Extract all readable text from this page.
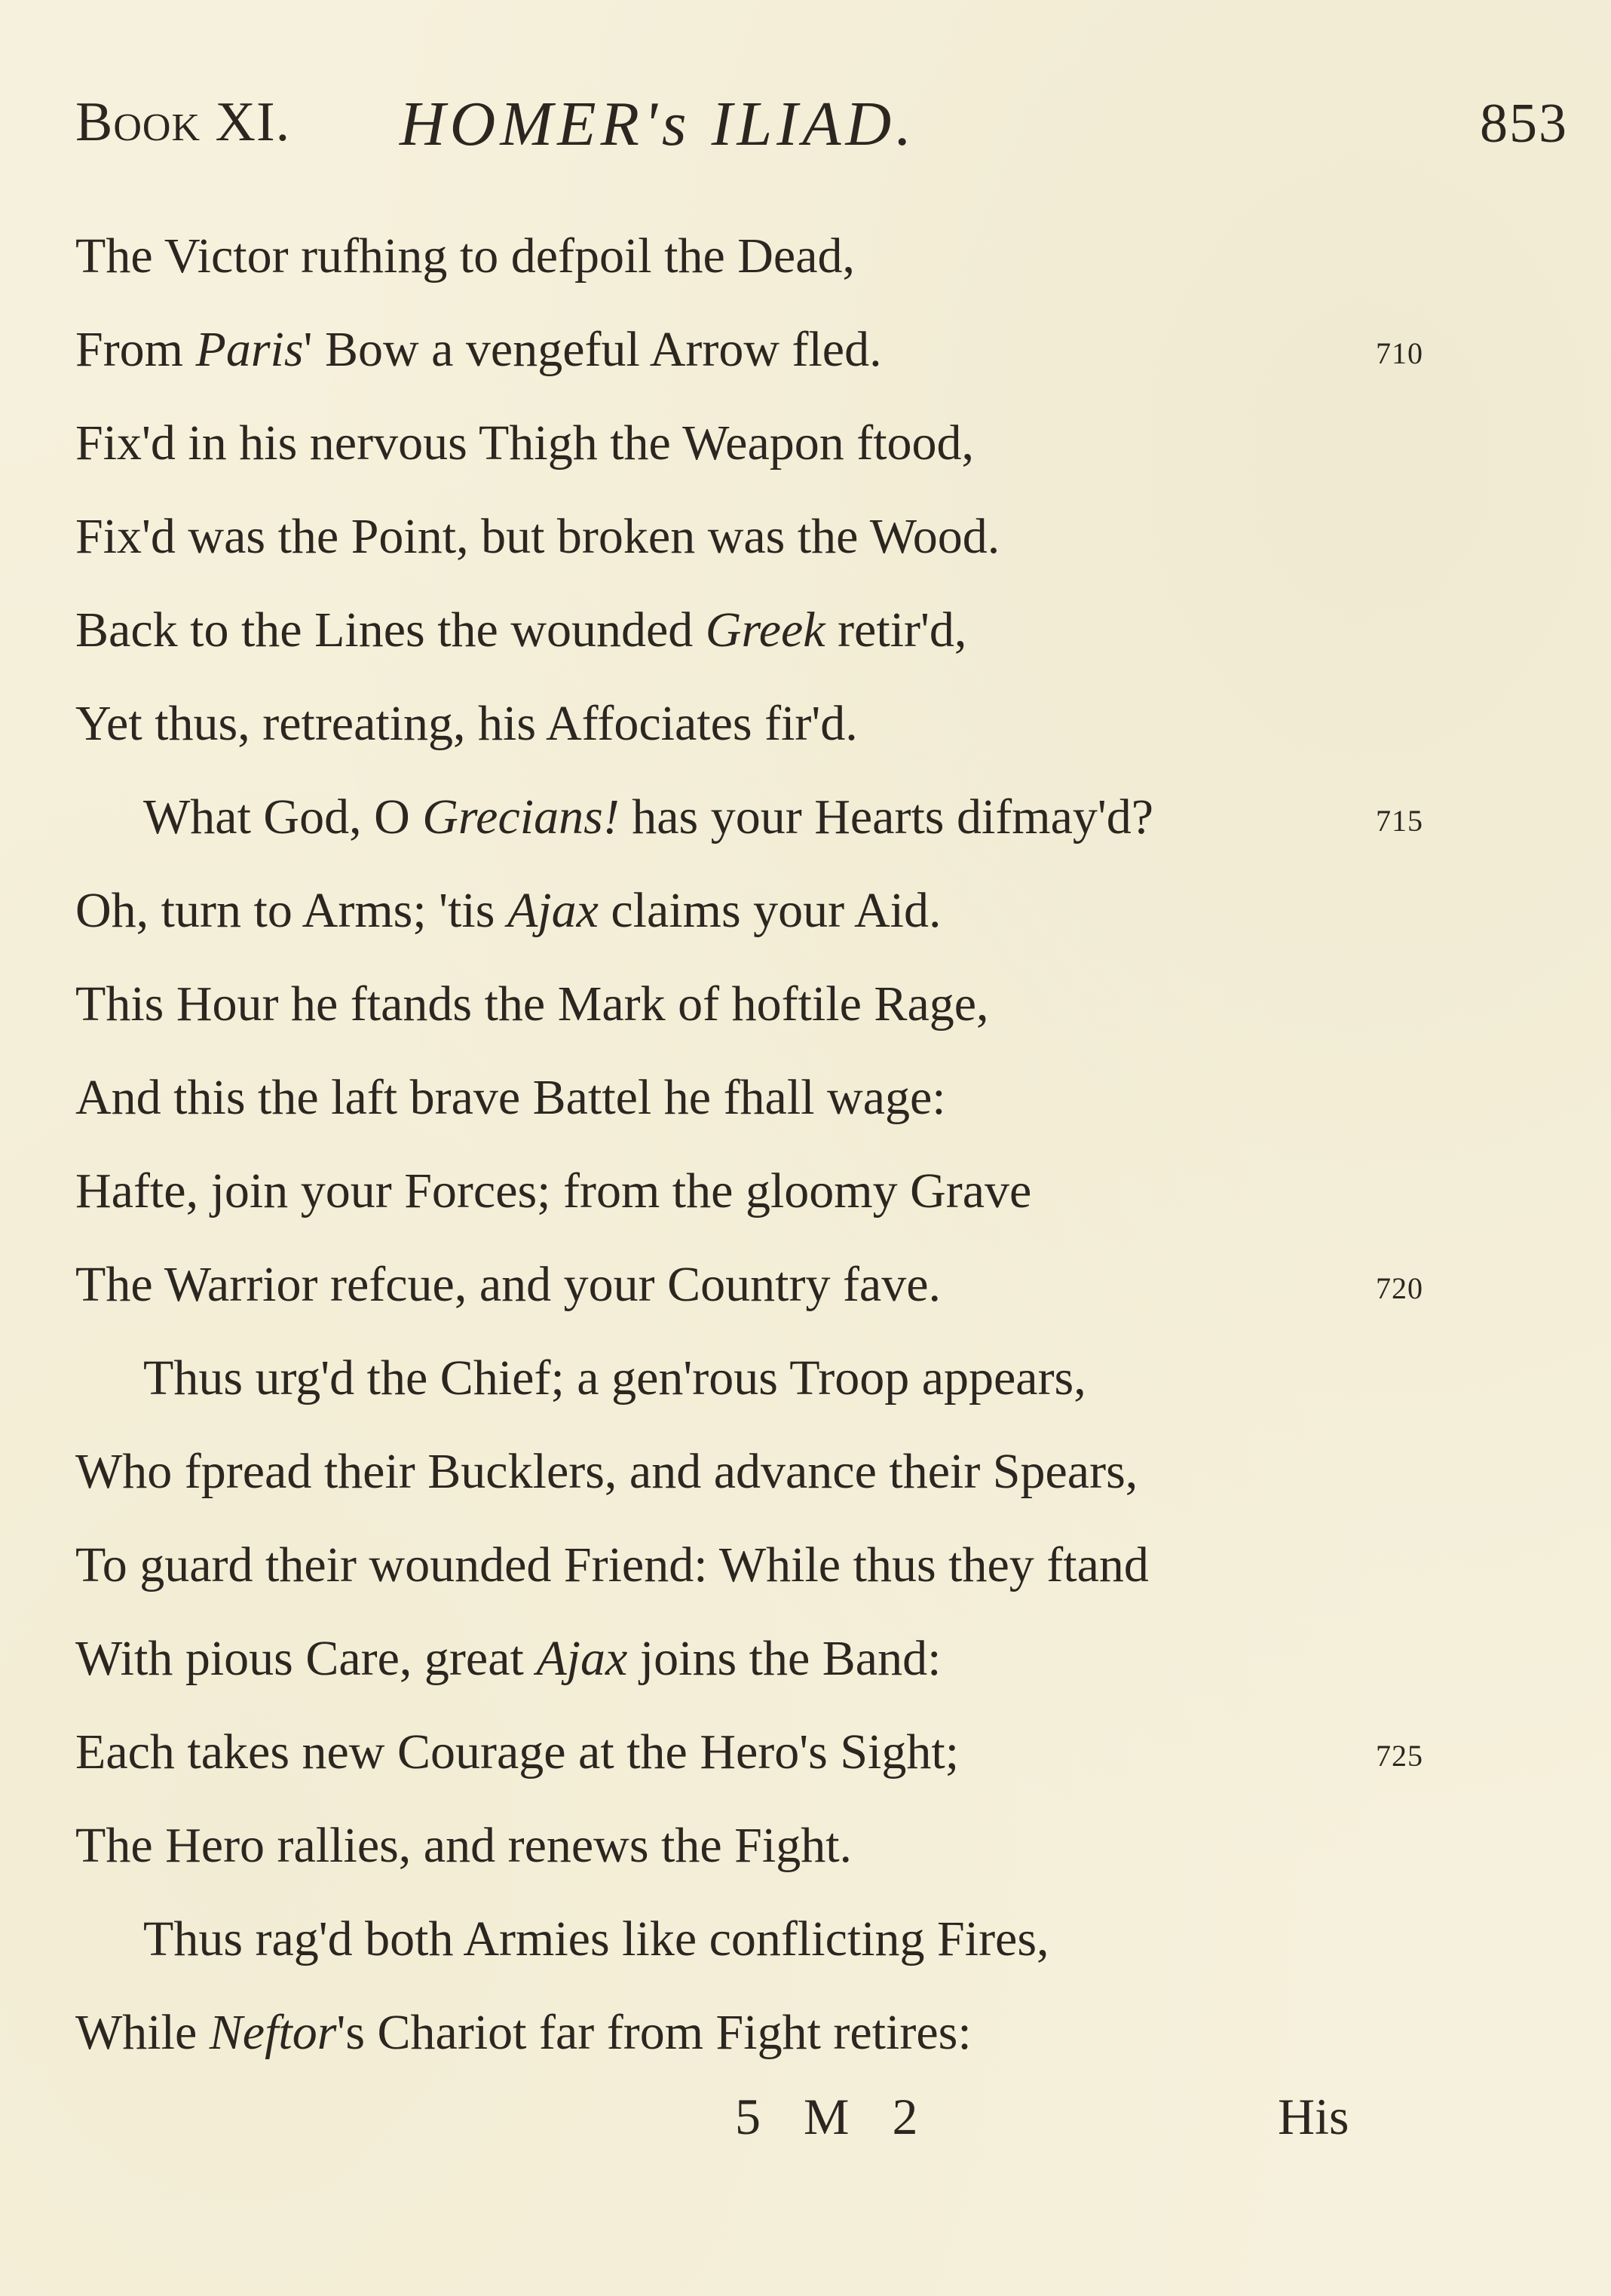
Book XI. HOMER's ILIAD.	853
The Victor rufhing to defpoil the Dead,
From Paris' Bow a vengeful Arrow fled.	710
Fix'd in his nervous Thigh the Weapon ftood,
Fix'd was the Point, but broken was the Wood.
Back to the Lines the wounded Greek retir'd,
Yet thus, retreating, his Affociates fir'd.
What God, O Grecians! has your Hearts difmay'd?	715
Oh, turn to Arms; 'tis Ajax claims your Aid.
This Hour he ftands the Mark of hoftile Rage,
And this the laft brave Battel he fhall wage:
Hafte, join your Forces; from the gloomy Grave
The Warrior refcue, and your Country fave.	720
Thus urg'd the Chief; a gen'rous Troop appears,
Who fpread their Bucklers, and advance their Spears,
To guard their wounded Friend: While thus they ftand
With pious Care, great Ajax joins the Band:
Each takes new Courage at the Hero's Sight;	725
The Hero rallies, and renews the Fight.
Thus rag'd both Armies like conflicting Fires,
While Neftor's Chariot far from Fight retires:
5 M 2	His
